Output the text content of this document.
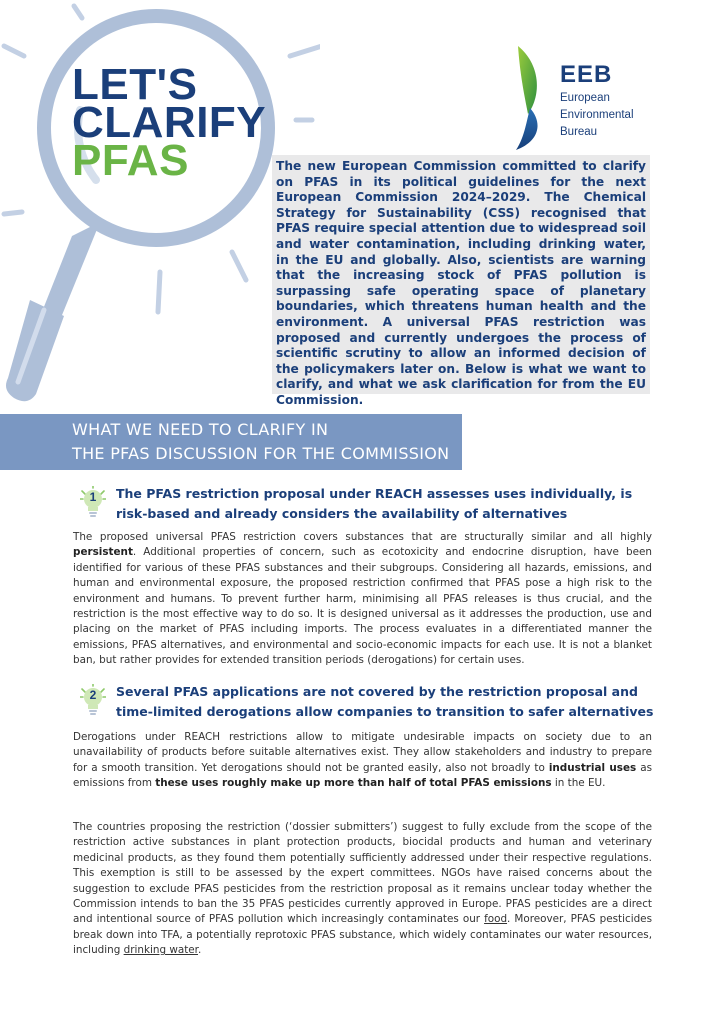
LET'S
CLARIFY
PFAS
EEB
European
Environmental
Bureau

The new European Commission committed to clarify on PFAS in its political guidelines for the next European Commission 2024–2029. The Chemical Strategy for Sustainability (CSS) recognised that PFAS require special attention due to widespread soil and water contamination, including drinking water, in the EU and globally. Also, scientists are warning that the increasing stock of PFAS pollution is surpassing safe operating space of planetary boundaries, which threatens human health and the environment. A universal PFAS restriction was proposed and currently undergoes the process of scientific scrutiny to allow an informed decision of the policymakers later on. Below is what we want to clarify, and what we ask clarification for from the EU Commission.

WHAT WE NEED TO CLARIFY IN
THE PFAS DISCUSSION FOR THE COMMISSION
1	The PFAS restriction proposal under REACH assesses uses individually, is risk-based and already considers the availability of alternatives

The proposed universal PFAS restriction covers substances that are structurally similar and all highly persistent. Additional properties of concern, such as ecotoxicity and endocrine disruption, have been identified for various of these PFAS substances and their subgroups. Considering all hazards, emissions, and human and environmental exposure, the proposed restriction confirmed that PFAS pose a high risk to the environment and humans. To prevent further harm, minimising all PFAS releases is thus crucial, and the restriction is the most effective way to do so. It is designed universal as it addresses the production, use and placing on the market of PFAS including imports. The process evaluates in a differentiated manner the emissions, PFAS alternatives, and environmental and socio-economic impacts for each use. It is not a blanket ban, but rather provides for extended transition periods (derogations) for certain uses.

2	Several PFAS applications are not covered by the restriction proposal and time-limited derogations allow companies to transition to safer alternatives

Derogations under REACH restrictions allow to mitigate undesirable impacts on society due to an unavailability of products before suitable alternatives exist. They allow stakeholders and industry to prepare for a smooth transition. Yet derogations should not be granted easily, also not broadly to industrial uses as emissions from these uses roughly make up more than half of total PFAS emissions in the EU.

The countries proposing the restriction (‘dossier submitters’) suggest to fully exclude from the scope of the restriction active substances in plant protection products, biocidal products and human and veterinary medicinal products, as they found them potentially sufficiently addressed under their respective regulations. This exemption is still to be assessed by the expert committees. NGOs have raised concerns about the suggestion to exclude PFAS pesticides from the restriction proposal as it remains unclear today whether the Commission intends to ban the 35 PFAS pesticides currently approved in Europe. PFAS pesticides are a direct and intentional source of PFAS pollution which increasingly contaminates our food. Moreover, PFAS pesticides break down into TFA, a potentially reprotoxic PFAS substance, which widely contaminates our water resources, including drinking water.
